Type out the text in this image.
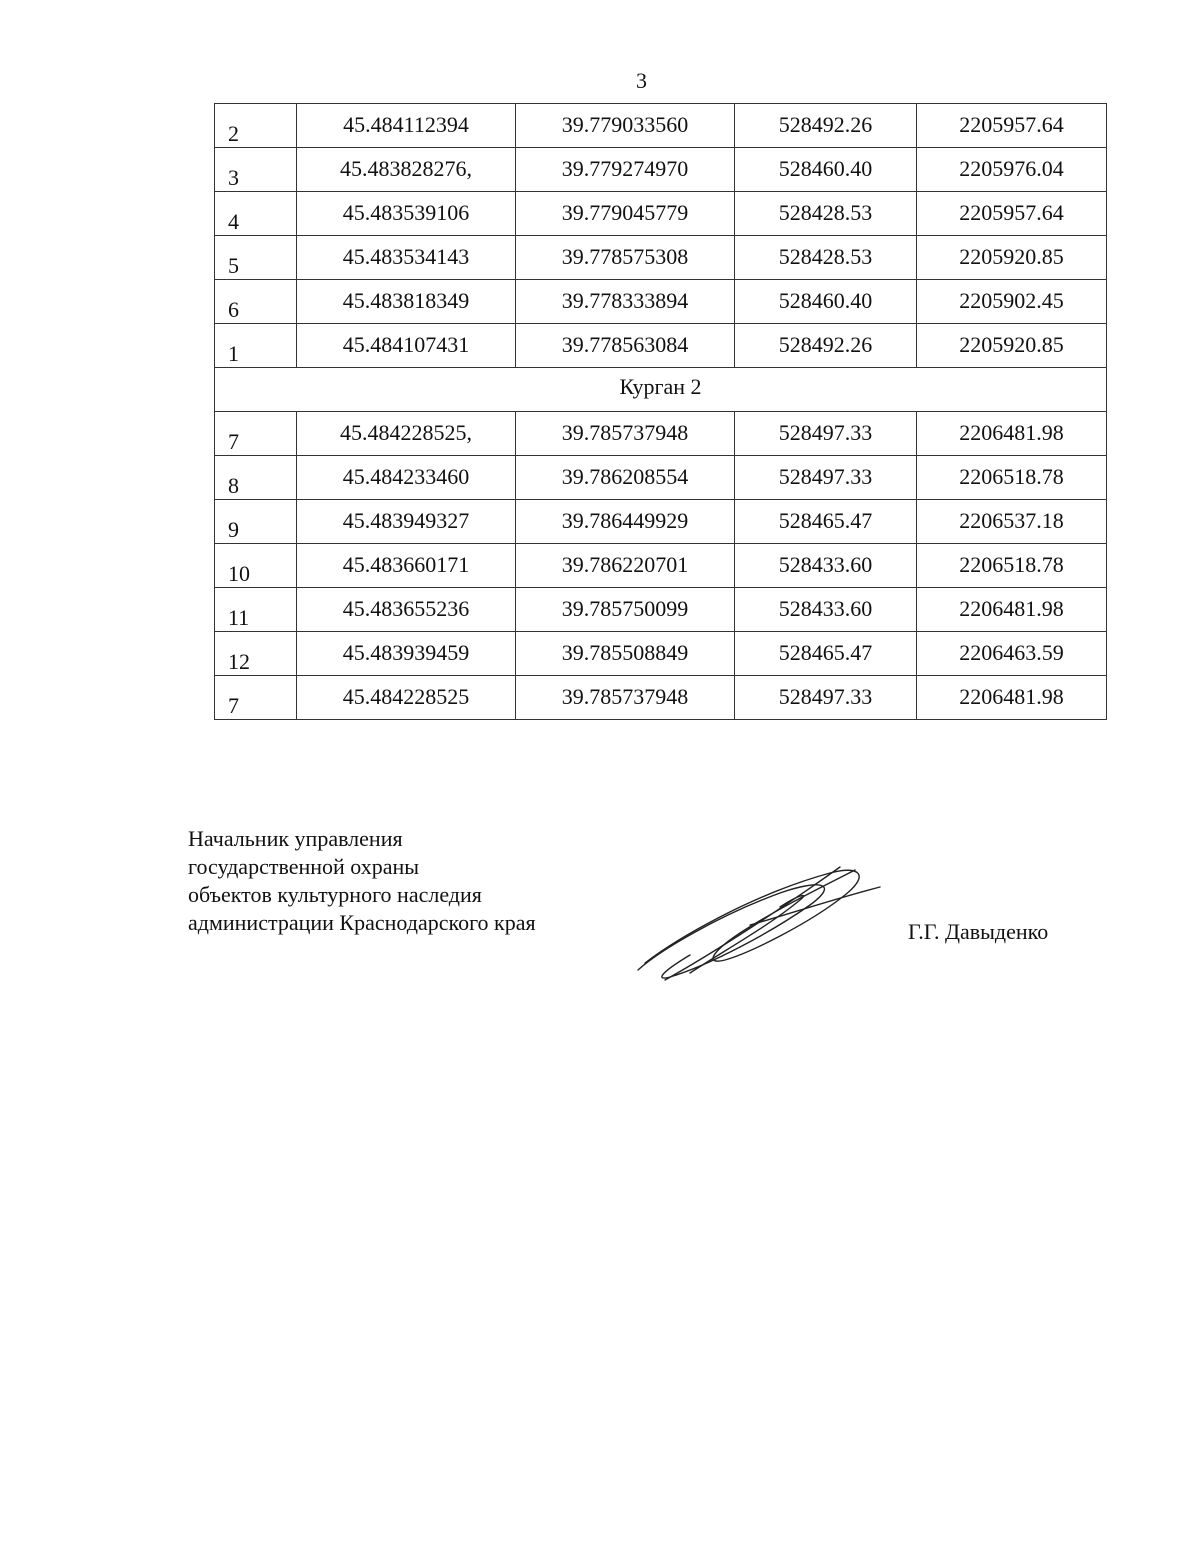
3
2	45.484112394	39.779033560	528492.26	2205957.64
3	45.483828276,	39.779274970	528460.40	2205976.04
4	45.483539106	39.779045779	528428.53	2205957.64
5	45.483534143	39.778575308	528428.53	2205920.85
6	45.483818349	39.778333894	528460.40	2205902.45
1	45.484107431	39.778563084	528492.26	2205920.85
Курган 2				
7	45.484228525,	39.785737948	528497.33	2206481.98
8	45.484233460	39.786208554	528497.33	2206518.78
9	45.483949327	39.786449929	528465.47	2206537.18
10	45.483660171	39.786220701	528433.60	2206518.78
11	45.483655236	39.785750099	528433.60	2206481.98
12	45.483939459	39.785508849	528465.47	2206463.59
7	45.484228525	39.785737948	528497.33	2206481.98
Начальник управления
государственной охраны
объектов культурного наследия
администрации Краснодарского края	Г.Г. Давыденко
